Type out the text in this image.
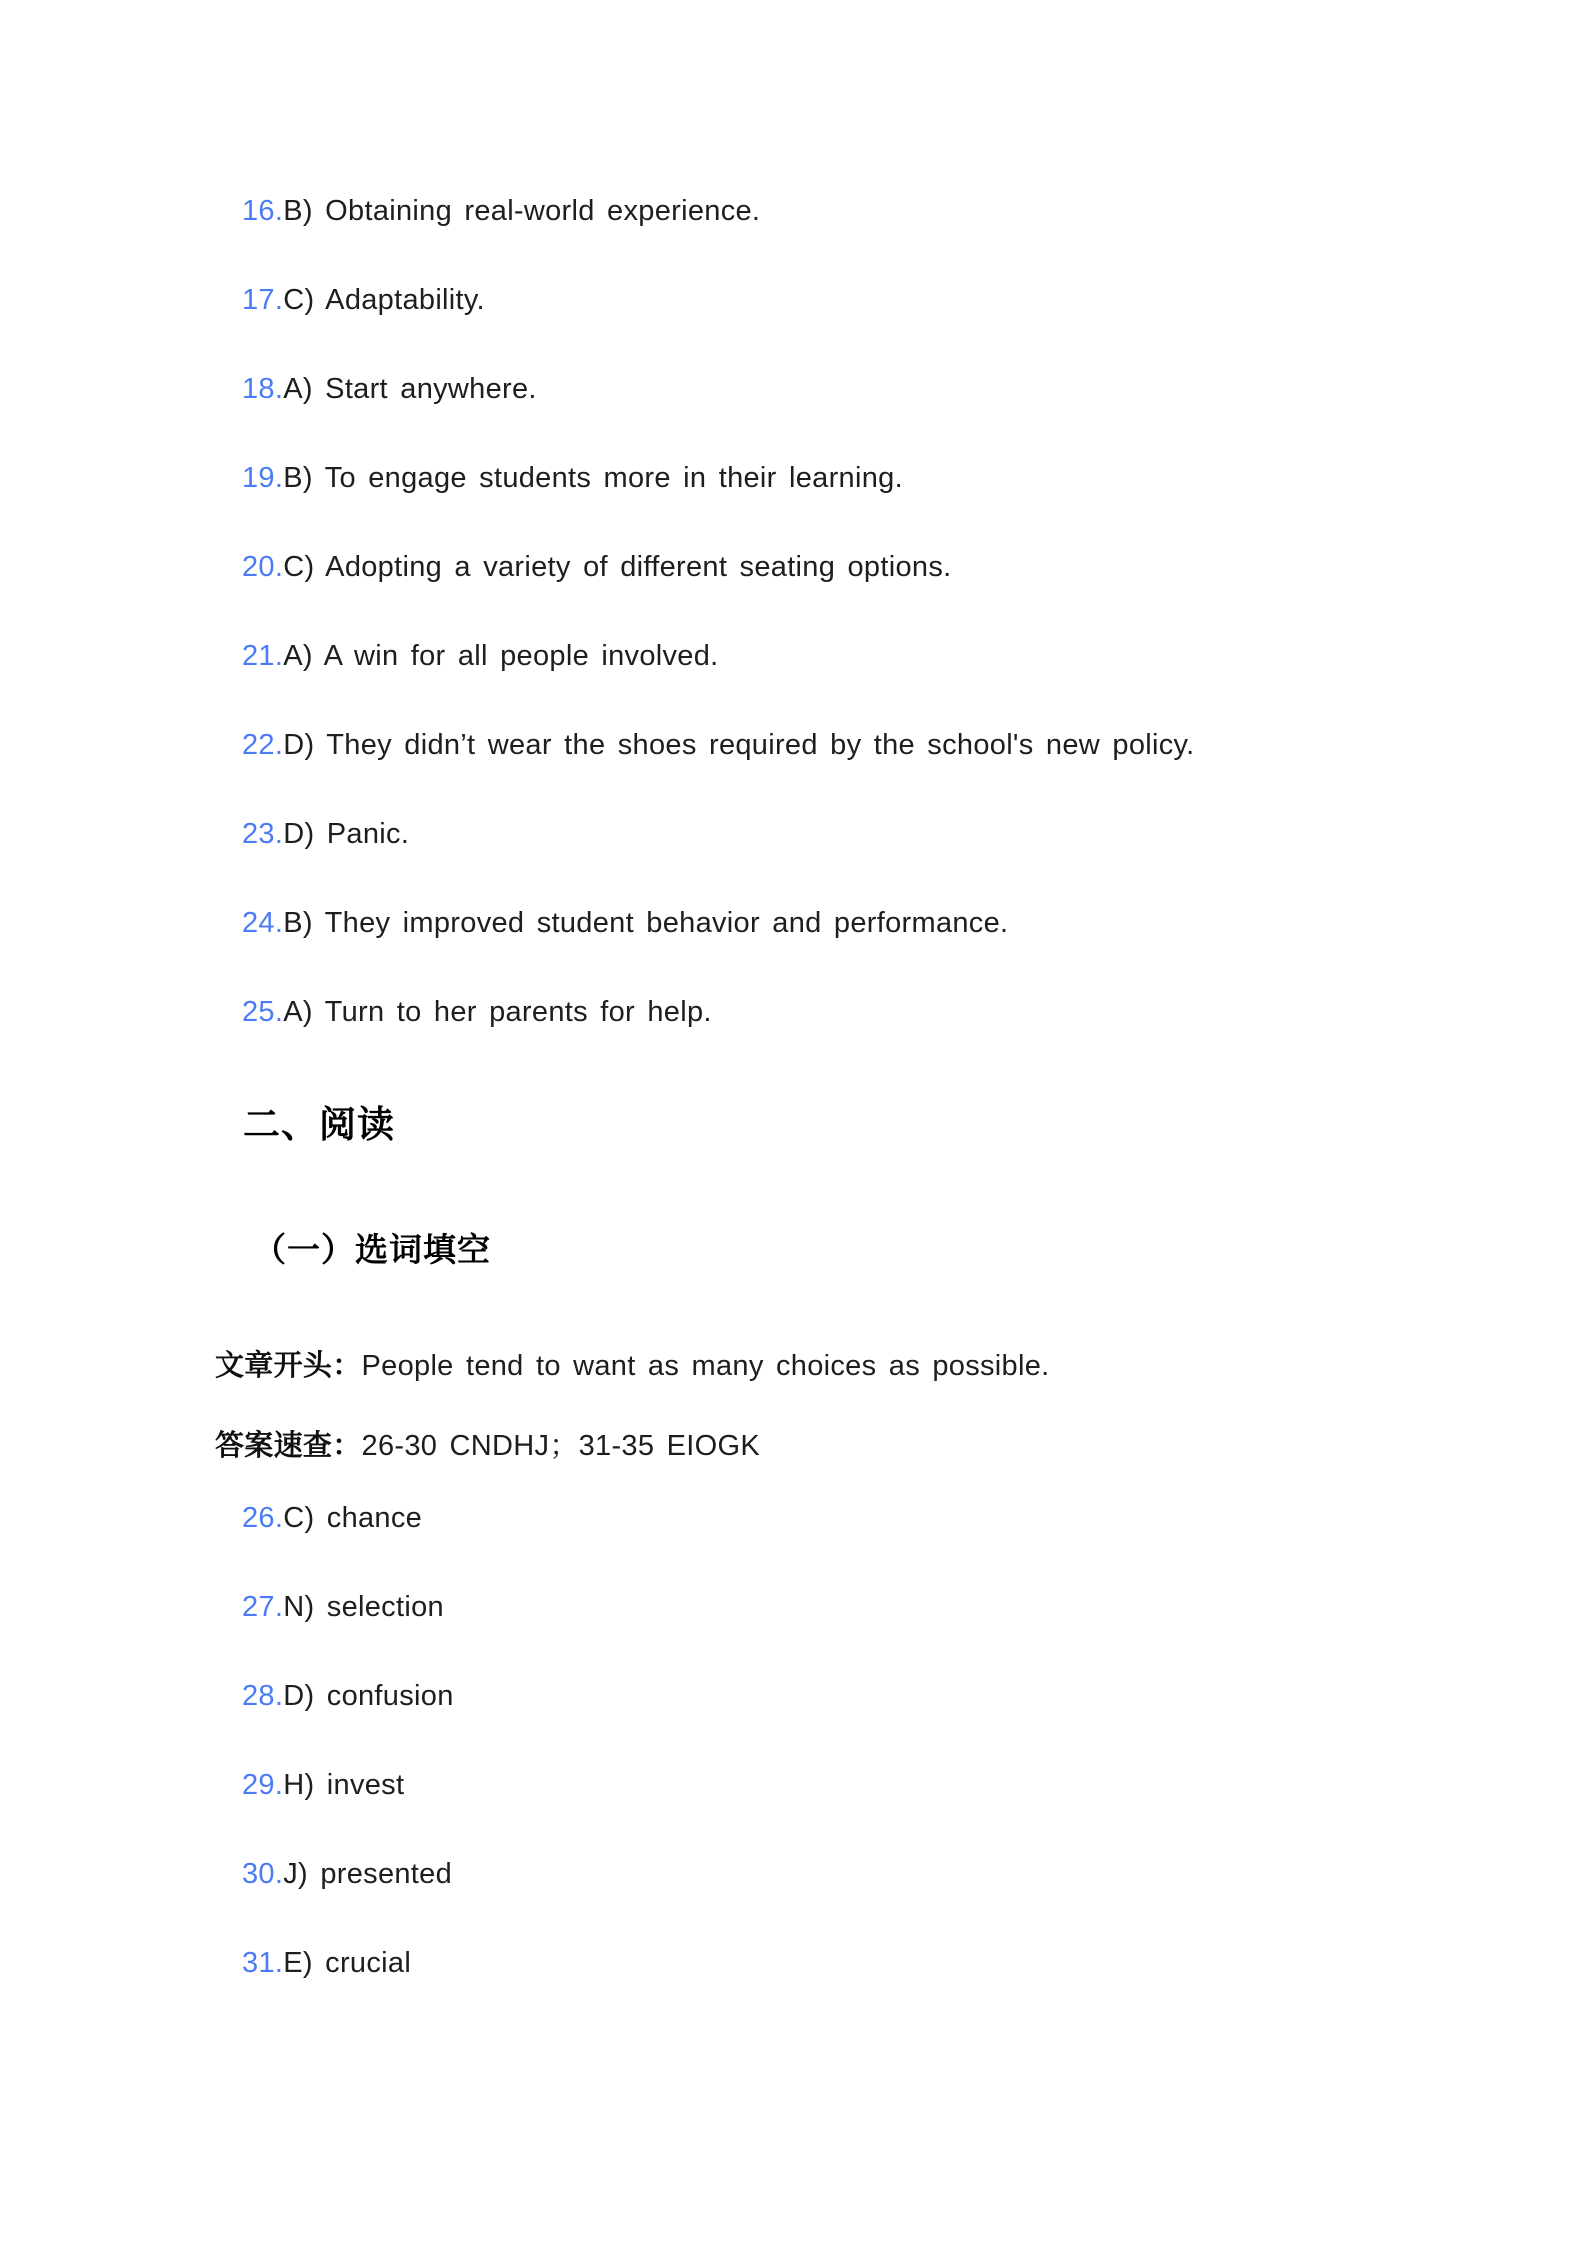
16.B) Obtaining real-world experience.
17.C) Adaptability.
18.A) Start anywhere.
19.B) To engage students more in their learning.
20.C) Adopting a variety of different seating options.
21.A) A win for all people involved.
22.D) They didn’t wear the shoes required by the school's new policy.
23.D) Panic.
24.B) They improved student behavior and performance.
25.A) Turn to her parents for help.
二、阅读
（一）选词填空
文章开头：People tend to want as many choices as possible.
答案速查：26-30 CNDHJ；31-35 EIOGK
26.C) chance
27.N) selection
28.D) confusion
29.H) invest
30.J) presented
31.E) crucial
